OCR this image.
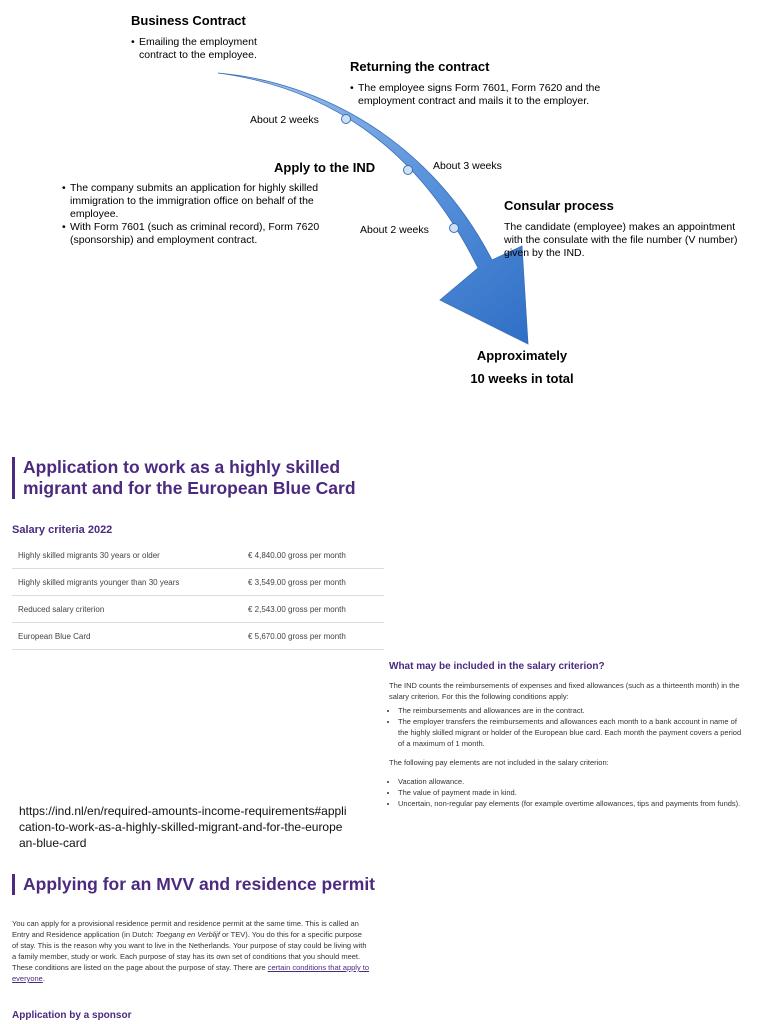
Business Contract
• Emailing the employment contract to the employee.
Returning the contract
• The employee signs Form 7601, Form 7620 and the employment contract and mails it to the employer.
About 2 weeks
Apply to the IND	About 3 weeks
• The company submits an application for highly skilled immigration to the immigration office on behalf of the employee.
• With Form 7601 (such as criminal record), Form 7620 (sponsorship) and employment contract.
About 2 weeks
Consular process
The candidate (employee) makes an appointment with the consulate with the file number (V number) given by the IND.
Approximately
10 weeks in total
Application to work as a highly skilled migrant and for the European Blue Card
Salary criteria 2022
Highly skilled migrants 30 years or older	€ 4,840.00 gross per month
Highly skilled migrants younger than 30 years	€ 3,549.00 gross per month
Reduced salary criterion	€ 2,543.00 gross per month
European Blue Card	€ 5,670.00 gross per month
What may be included in the salary criterion?

The IND counts the reimbursements of expenses and fixed allowances (such as a thirteenth month) in the salary criterion. For this the following conditions apply:

• The reimbursements and allowances are in the contract.
• The employer transfers the reimbursements and allowances each month to a bank account in name of the highly skilled migrant or holder of the European blue card. Each month the payment covers a period of a maximum of 1 month.

The following pay elements are not included in the salary criterion:

• Vacation allowance.
• The value of payment made in kind.
• Uncertain, non-regular pay elements (for example overtime allowances, tips and payments from funds).
https://ind.nl/en/required-amounts-income-requirements#application-to-work-as-a-highly-skilled-migrant-and-for-the-european-blue-card
Applying for an MVV and residence permit
You can apply for a provisional residence permit and residence permit at the same time. This is called an Entry and Residence application (in Dutch: Toegang en Verblijf or TEV). You do this for a specific purpose of stay. This is the reason why you want to live in the Netherlands. Your purpose of stay could be living with a family member, study or work. Each purpose of stay has its own set of conditions that you should meet. These conditions are listed on the page about the purpose of stay. There are certain conditions that apply to everyone.
Application by a sponsor
